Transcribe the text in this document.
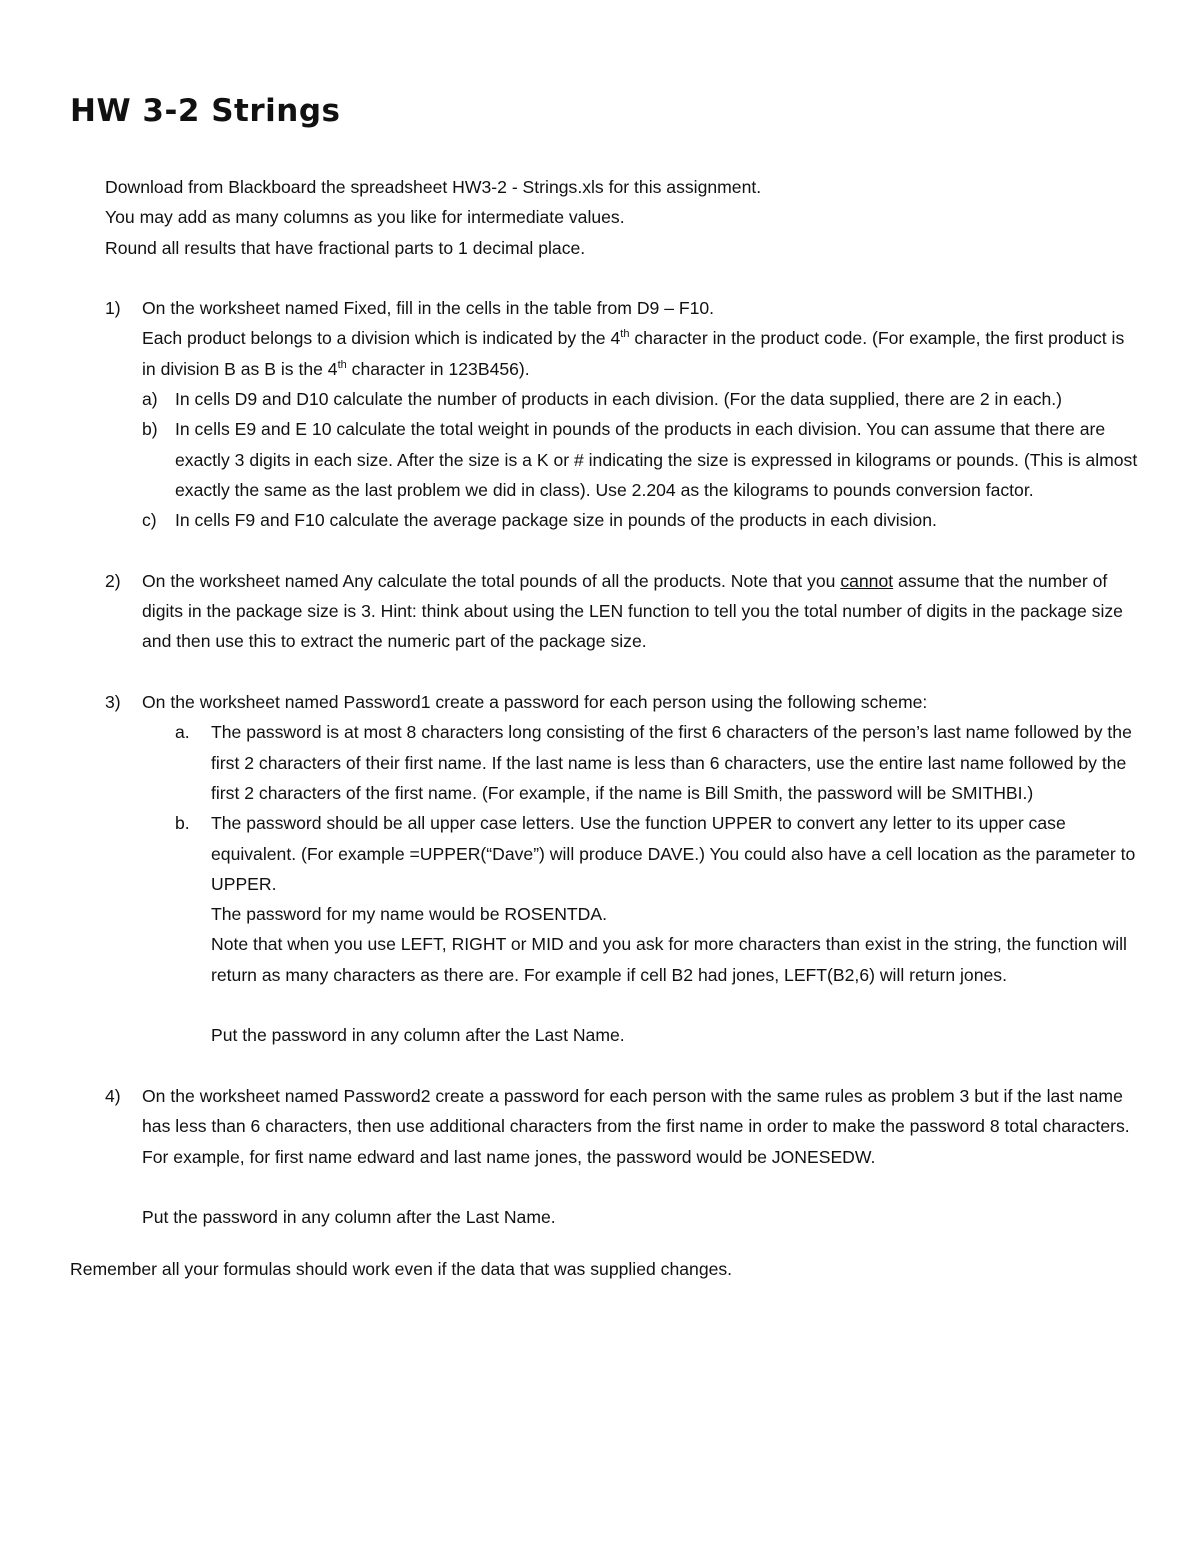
HW 3-2 Strings

Download from Blackboard the spreadsheet HW3-2 - Strings.xls for this assignment.

You may add as many columns as you like for intermediate values.

Round all results that have fractional parts to 1 decimal place.

1) On the worksheet named Fixed, fill in the cells in the table from D9 – F10.

Each product belongs to a division which is indicated by the 4th character in the product code. (For example, the first product is in division B as B is the 4th character in 123B456).

a) In cells D9 and D10 calculate the number of products in each division. (For the data supplied, there are 2 in each.)

b) In cells E9 and E 10 calculate the total weight in pounds of the products in each division. You can assume that there are exactly 3 digits in each size. After the size is a K or # indicating the size is expressed in kilograms or pounds. (This is almost exactly the same as the last problem we did in class). Use 2.204 as the kilograms to pounds conversion factor.

c) In cells F9 and F10 calculate the average package size in pounds of the products in each division.

2) On the worksheet named Any calculate the total pounds of all the products. Note that you cannot assume that the number of digits in the package size is 3. Hint: think about using the LEN function to tell you the total number of digits in the package size and then use this to extract the numeric part of the package size.

3) On the worksheet named Password1 create a password for each person using the following scheme:

a. The password is at most 8 characters long consisting of the first 6 characters of the person’s last name followed by the first 2 characters of their first name. If the last name is less than 6 characters, use the entire last name followed by the first 2 characters of the first name. (For example, if the name is Bill Smith, the password will be SMITHBI.)

b. The password should be all upper case letters. Use the function UPPER to convert any letter to its upper case equivalent. (For example =UPPER(“Dave”) will produce DAVE.) You could also have a cell location as the parameter to UPPER.

The password for my name would be ROSENTDA.

Note that when you use LEFT, RIGHT or MID and you ask for more characters than exist in the string, the function will return as many characters as there are. For example if cell B2 had jones, LEFT(B2,6) will return jones.

Put the password in any column after the Last Name.

4) On the worksheet named Password2 create a password for each person with the same rules as problem 3 but if the last name has less than 6 characters, then use additional characters from the first name in order to make the password 8 total characters. For example, for first name edward and last name jones, the password would be JONESEDW.

Put the password in any column after the Last Name.

Remember all your formulas should work even if the data that was supplied changes.
